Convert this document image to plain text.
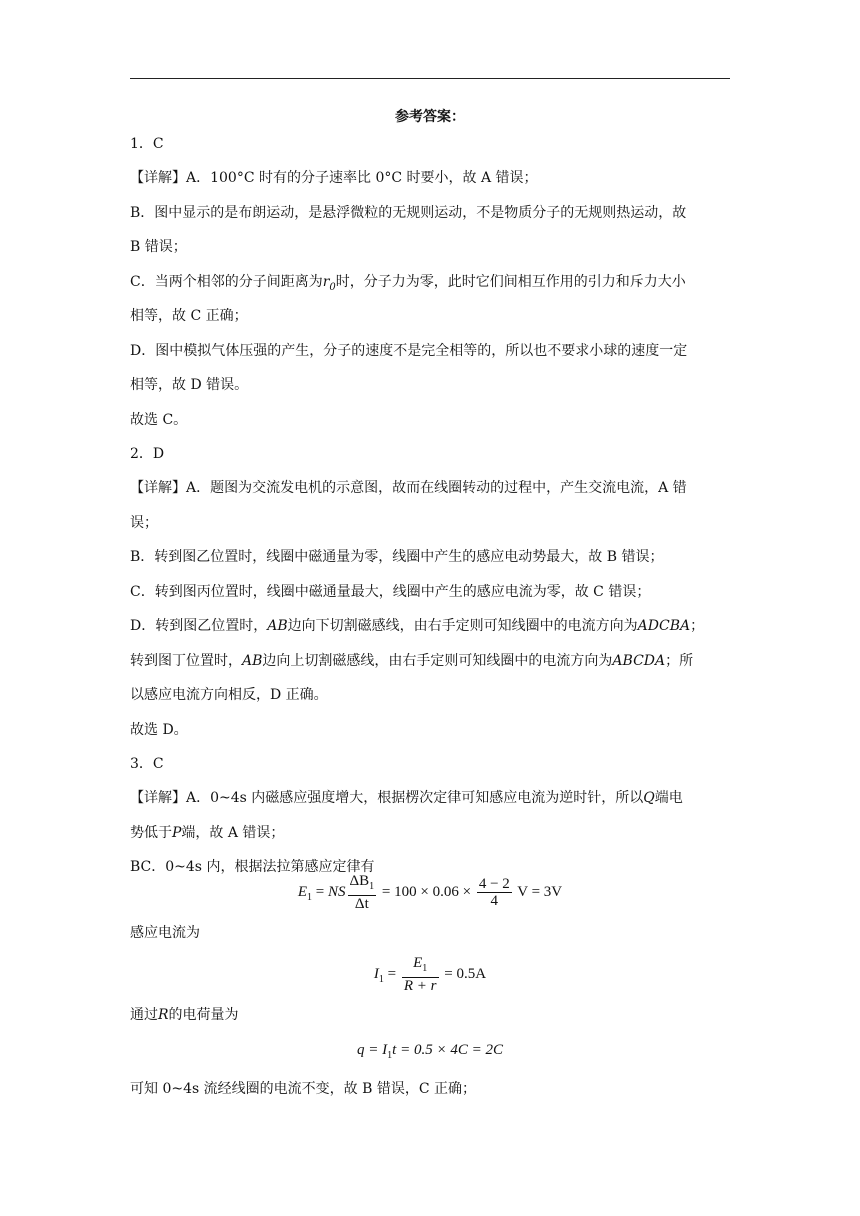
参考答案：
1．C
【详解】A．100°C 时有的分子速率比 0°C 时要小，故 A 错误；
B．图中显示的是布朗运动，是悬浮微粒的无规则运动，不是物质分子的无规则热运动，故
B 错误；
C．当两个相邻的分子间距离为$r_0$时，分子力为零，此时它们间相互作用的引力和斥力大小
相等，故 C 正确；
D．图中模拟气体压强的产生，分子的速度不是完全相等的，所以也不要求小球的速度一定
相等，故 D 错误。
故选 C。
2．D
【详解】A．题图为交流发电机的示意图，故而在线圈转动的过程中，产生交流电流，A 错
误；
B．转到图乙位置时，线圈中磁通量为零，线圈中产生的感应电动势最大，故 B 错误；
C．转到图丙位置时，线圈中磁通量最大，线圈中产生的感应电流为零，故 C 错误；
D．转到图乙位置时，AB边向下切割磁感线，由右手定则可知线圈中的电流方向为ADCBA；
转到图丁位置时，AB边向上切割磁感线，由右手定则可知线圈中的电流方向为ABCDA；所
以感应电流方向相反，D 正确。
故选 D。
3．C
【详解】A．0~4s 内磁感应强度增大，根据楞次定律可知感应电流为逆时针，所以Q端电
势低于P端，故 A 错误；
BC．0~4s 内，根据法拉第感应定律有
$E_1$ = NS $\frac{\Delta B_1}{\Delta t} = 100 \times 0.06 \times \frac{4 - 2}{4}$ V = 3V
感应电流为
$I_1 = \frac{E_1}{R + r} = 0.5A$
通过R的电荷量为
$q = I_1t = 0.5 \times 4C = 2C$
可知 0~4s 流经线圈的电流不变，故 B 错误，C 正确；
